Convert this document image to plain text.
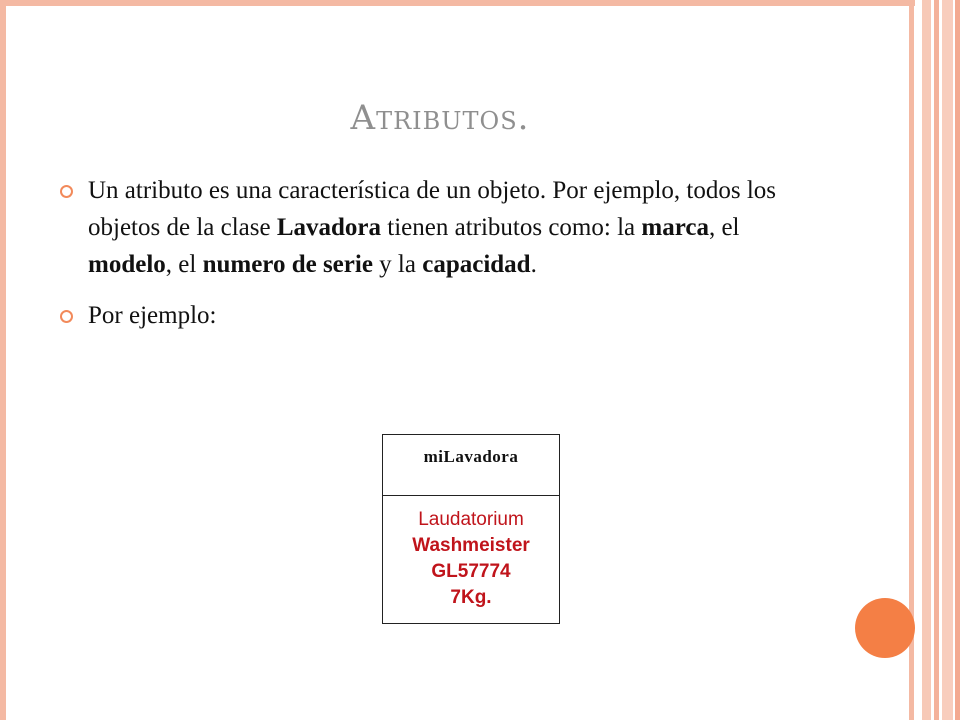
Atributos.
Un atributo es una característica de un objeto. Por ejemplo, todos los objetos de la clase Lavadora tienen atributos como: la marca, el modelo, el numero de serie y la capacidad.
Por ejemplo:
miLavadora
Laudatorium
Washmeister
GL57774
7Kg.
